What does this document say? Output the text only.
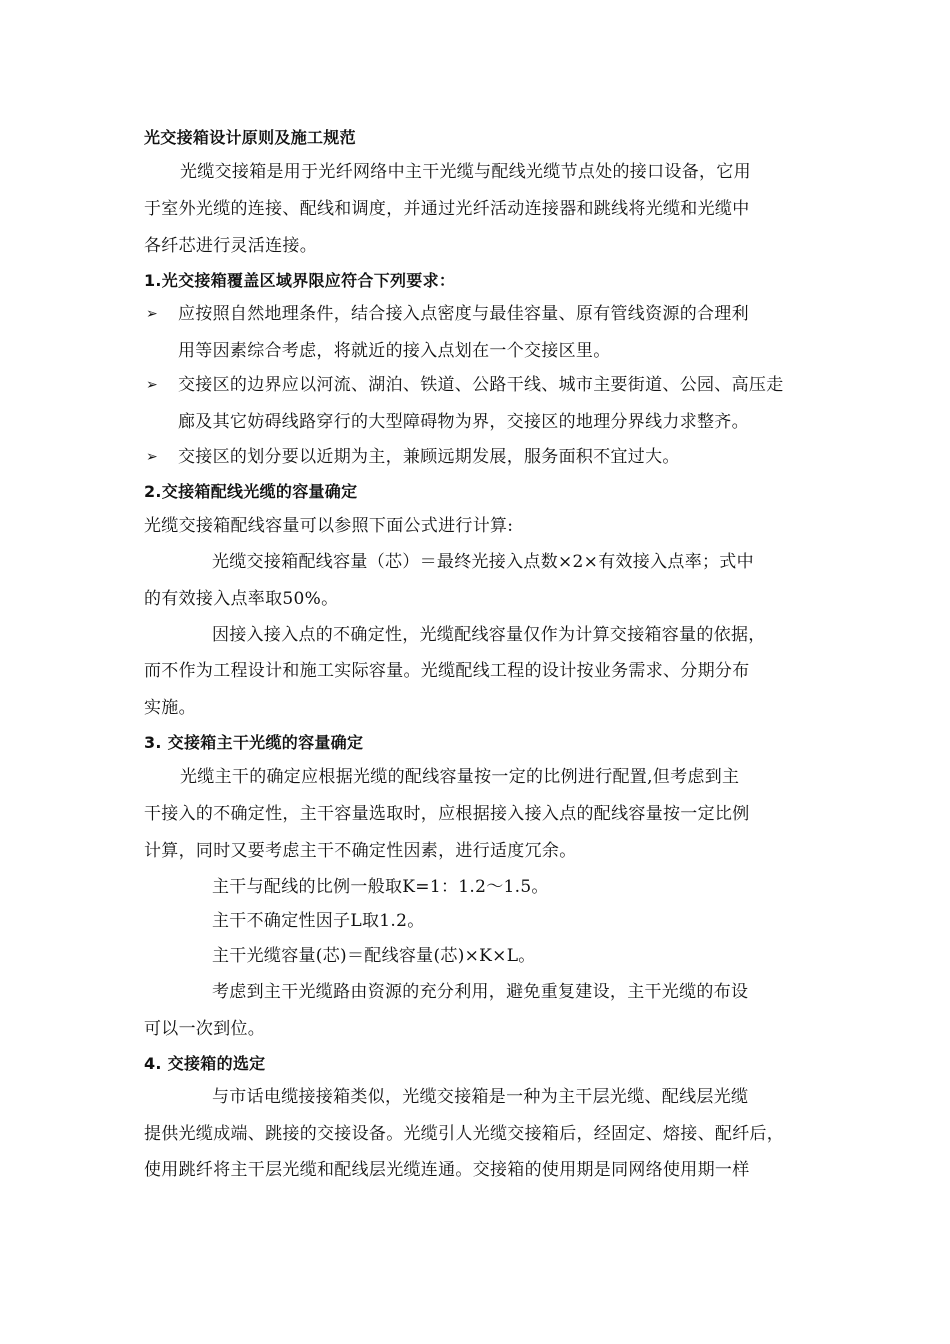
光交接箱设计原则及施工规范
光缆交接箱是用于光纤网络中主干光缆与配线光缆节点处的接口设备，它用
于室外光缆的连接、配线和调度，并通过光纤活动连接器和跳线将光缆和光缆中
各纤芯进行灵活连接。
1.光交接箱覆盖区域界限应符合下列要求：
➢ 应按照自然地理条件，结合接入点密度与最佳容量、原有管线资源的合理利
用等因素综合考虑，将就近的接入点划在一个交接区里。
➢ 交接区的边界应以河流、湖泊、铁道、公路干线、城市主要街道、公园、高压走
廊及其它妨碍线路穿行的大型障碍物为界，交接区的地理分界线力求整齐。
➢ 交接区的划分要以近期为主，兼顾远期发展，服务面积不宜过大。
2.交接箱配线光缆的容量确定
光缆交接箱配线容量可以参照下面公式进行计算:
光缆交接箱配线容量（芯）＝最终光接入点数×2×有效接入点率；式中
的有效接入点率取50%。
因接入接入点的不确定性，光缆配线容量仅作为计算交接箱容量的依据，
而不作为工程设计和施工实际容量。光缆配线工程的设计按业务需求、分期分布
实施。
3. 交接箱主干光缆的容量确定
光缆主干的确定应根据光缆的配线容量按一定的比例进行配置,但考虑到主
干接入的不确定性，主干容量选取时，应根据接入接入点的配线容量按一定比例
计算，同时又要考虑主干不确定性因素，进行适度冗余。
主干与配线的比例一般取K=1：1.2～1.5。
主干不确定性因子L取1.2。
主干光缆容量(芯)＝配线容量(芯)×K×L。
考虑到主干光缆路由资源的充分利用，避免重复建设，主干光缆的布设
可以一次到位。
4. 交接箱的选定
与市话电缆接接箱类似，光缆交接箱是一种为主干层光缆、配线层光缆
提供光缆成端、跳接的交接设备。光缆引人光缆交接箱后，经固定、熔接、配纤后，
使用跳纤将主干层光缆和配线层光缆连通。交接箱的使用期是同网络使用期一样
